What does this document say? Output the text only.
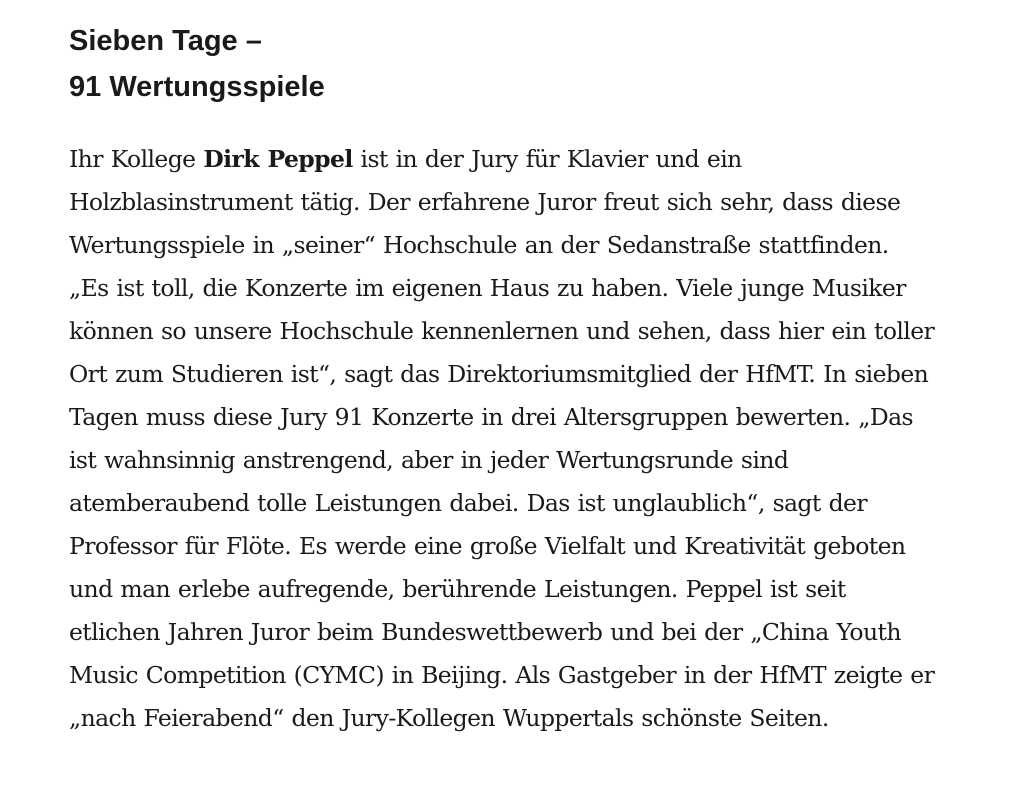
Sieben Tage –
91 Wertungsspiele

Ihr Kollege Dirk Peppel ist in der Jury für Klavier und ein
Holzblasinstrument tätig. Der erfahrene Juror freut sich sehr, dass diese
Wertungsspiele in „seiner“ Hochschule an der Sedanstraße stattfinden.
„Es ist toll, die Konzerte im eigenen Haus zu haben. Viele junge Musiker
können so unsere Hochschule kennenlernen und sehen, dass hier ein toller
Ort zum Studieren ist“, sagt das Direktoriumsmitglied der HfMT. In sieben
Tagen muss diese Jury 91 Konzerte in drei Altersgruppen bewerten. „Das
ist wahnsinnig anstrengend, aber in jeder Wertungsrunde sind
atemberaubend tolle Leistungen dabei. Das ist unglaublich“, sagt der
Professor für Flöte. Es werde eine große Vielfalt und Kreativität geboten
und man erlebe aufregende, berührende Leistungen. Peppel ist seit
etlichen Jahren Juror beim Bundeswettbewerb und bei der „China Youth
Music Competition (CYMC) in Beijing. Als Gastgeber in der HfMT zeigte er
„nach Feierabend“ den Jury-Kollegen Wuppertals schönste Seiten.
